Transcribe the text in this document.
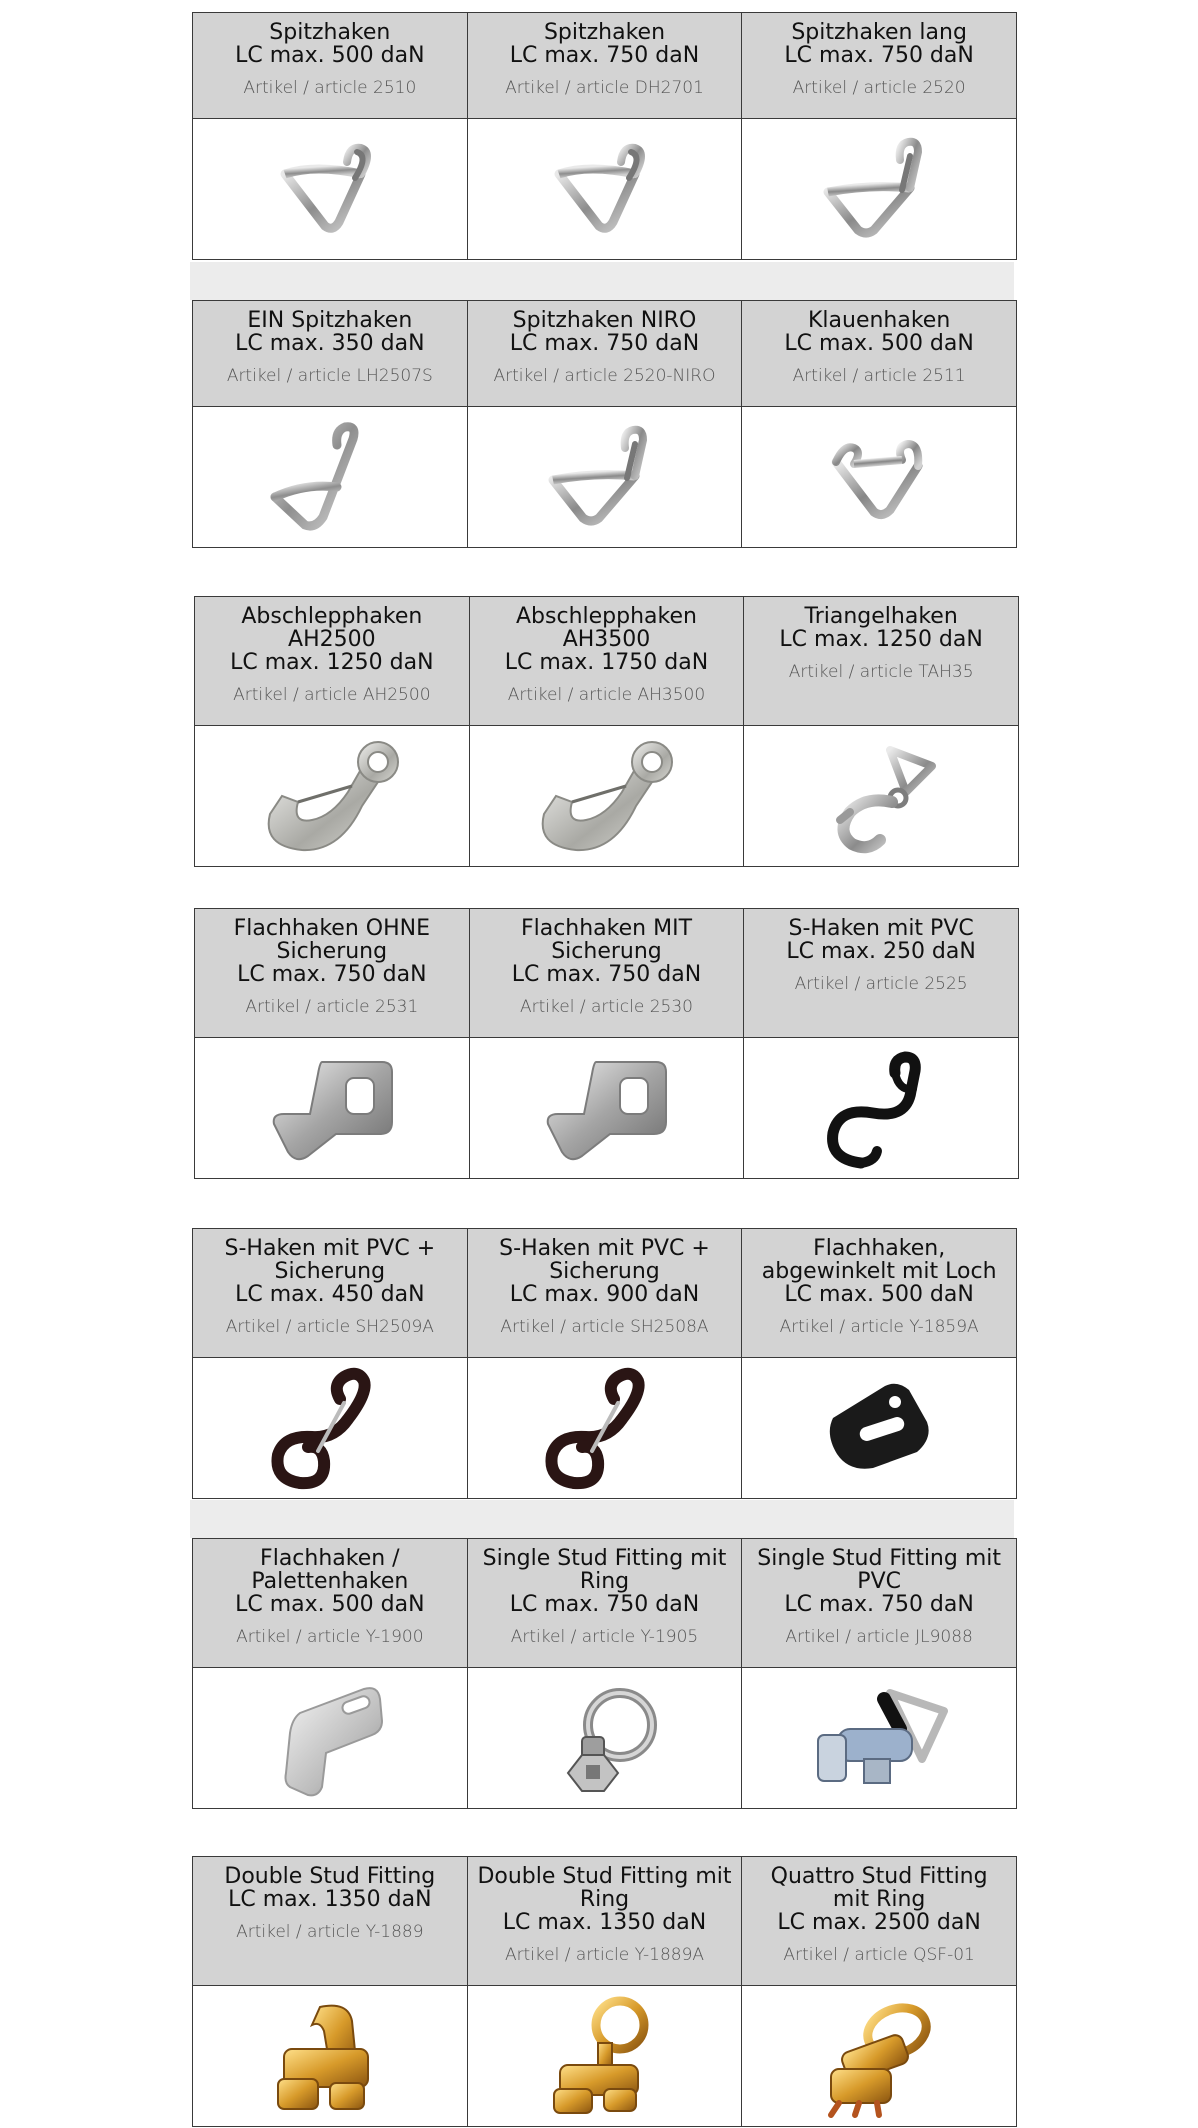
Spitzhaken
LC max. 500 daN
Artikel / article 2510	Spitzhaken
LC max. 750 daN
Artikel / article DH2701	Spitzhaken lang
LC max. 750 daN
Artikel / article 2520

EIN Spitzhaken
LC max. 350 daN
Artikel / article LH2507S	Spitzhaken NIRO
LC max. 750 daN
Artikel / article 2520-NIRO	Klauenhaken
LC max. 500 daN
Artikel / article 2511

Abschlepphaken
AH2500
LC max. 1250 daN
Artikel / article AH2500	Abschlepphaken
AH3500
LC max. 1750 daN
Artikel / article AH3500	Triangelhaken
LC max. 1250 daN
Artikel / article TAH35

Flachhaken OHNE
Sicherung
LC max. 750 daN
Artikel / article 2531	Flachhaken MIT
Sicherung
LC max. 750 daN
Artikel / article 2530	S-Haken mit PVC
LC max. 250 daN
Artikel / article 2525

S-Haken mit PVC +
Sicherung
LC max. 450 daN
Artikel / article SH2509A	S-Haken mit PVC +
Sicherung
LC max. 900 daN
Artikel / article SH2508A	Flachhaken,
abgewinkelt mit Loch
LC max. 500 daN
Artikel / article Y-1859A

Flachhaken /
Palettenhaken
LC max. 500 daN
Artikel / article Y-1900	Single Stud Fitting mit
Ring
LC max. 750 daN
Artikel / article Y-1905	Single Stud Fitting mit
PVC
LC max. 750 daN
Artikel / article JL9088

Double Stud Fitting
LC max. 1350 daN
Artikel / article Y-1889	Double Stud Fitting mit
Ring
LC max. 1350 daN
Artikel / article Y-1889A	Quattro Stud Fitting
mit Ring
LC max. 2500 daN
Artikel / article QSF-01
